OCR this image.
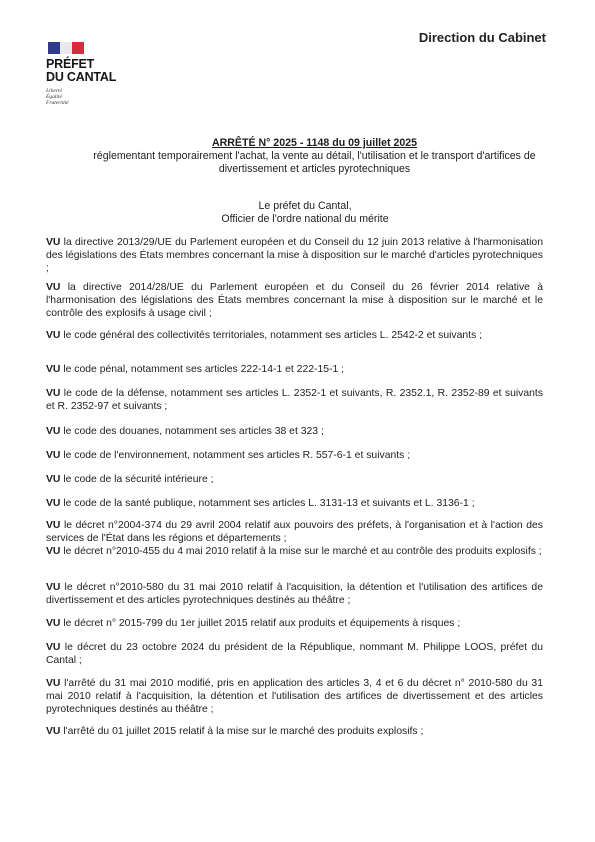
PRÉFET
DU CANTAL
Liberté
Égalité
Fraternité
Direction du Cabinet
ARRÊTÉ N° 2025 - 1148 du 09 juillet 2025
réglementant temporairement l'achat, la vente au détail, l'utilisation et le transport d'artifices de divertissement et articles pyrotechniques
Le préfet du Cantal,
Officier de l'ordre national du mérite

VU la directive 2013/29/UE du Parlement européen et du Conseil du 12 juin 2013 relative à l'harmonisation des législations des États membres concernant la mise à disposition sur le marché d'articles pyrotechniques ;

VU la directive 2014/28/UE du Parlement européen et du Conseil du 26 février 2014 relative à l'harmonisation des législations des États membres concernant la mise à disposition sur le marché et le contrôle des explosifs à usage civil ;

VU le code général des collectivités territoriales, notamment ses articles L. 2542-2 et suivants ;

VU le code pénal, notamment ses articles 222-14-1 et 222-15-1 ;

VU le code de la défense, notamment ses articles L. 2352-1 et suivants, R. 2352.1, R. 2352-89 et suivants et R. 2352-97 et suivants ;

VU le code des douanes, notamment ses articles 38 et 323 ;

VU le code de l'environnement, notamment ses articles R. 557-6-1 et suivants ;

VU le code de la sécurité intérieure ;

VU le code de la santé publique, notamment ses articles L. 3131-13 et suivants et L. 3136-1 ;

VU le décret n°2004-374 du 29 avril 2004 relatif aux pouvoirs des préfets, à l'organisation et à l'action des services de l'État dans les régions et départements ;

VU le décret n°2010-455 du 4 mai 2010 relatif à la mise sur le marché et au contrôle des produits explosifs ;

VU le décret n°2010-580 du 31 mai 2010 relatif à l'acquisition, la détention et l'utilisation des artifices de divertissement et des articles pyrotechniques destinés au théâtre ;

VU le décret n° 2015-799 du 1er juillet 2015 relatif aux produits et équipements à risques ;

VU le décret du 23 octobre 2024 du président de la République, nommant M. Philippe LOOS, préfet du Cantal ;

VU l'arrêté du 31 mai 2010 modifié, pris en application des articles 3, 4 et 6 du décret n° 2010-580 du 31 mai 2010 relatif à l'acquisition, la détention et l'utilisation des artifices de divertissement et des articles pyrotechniques destinés au théâtre ;

VU l'arrêté du 01 juillet 2015 relatif à la mise sur le marché des produits explosifs ;
